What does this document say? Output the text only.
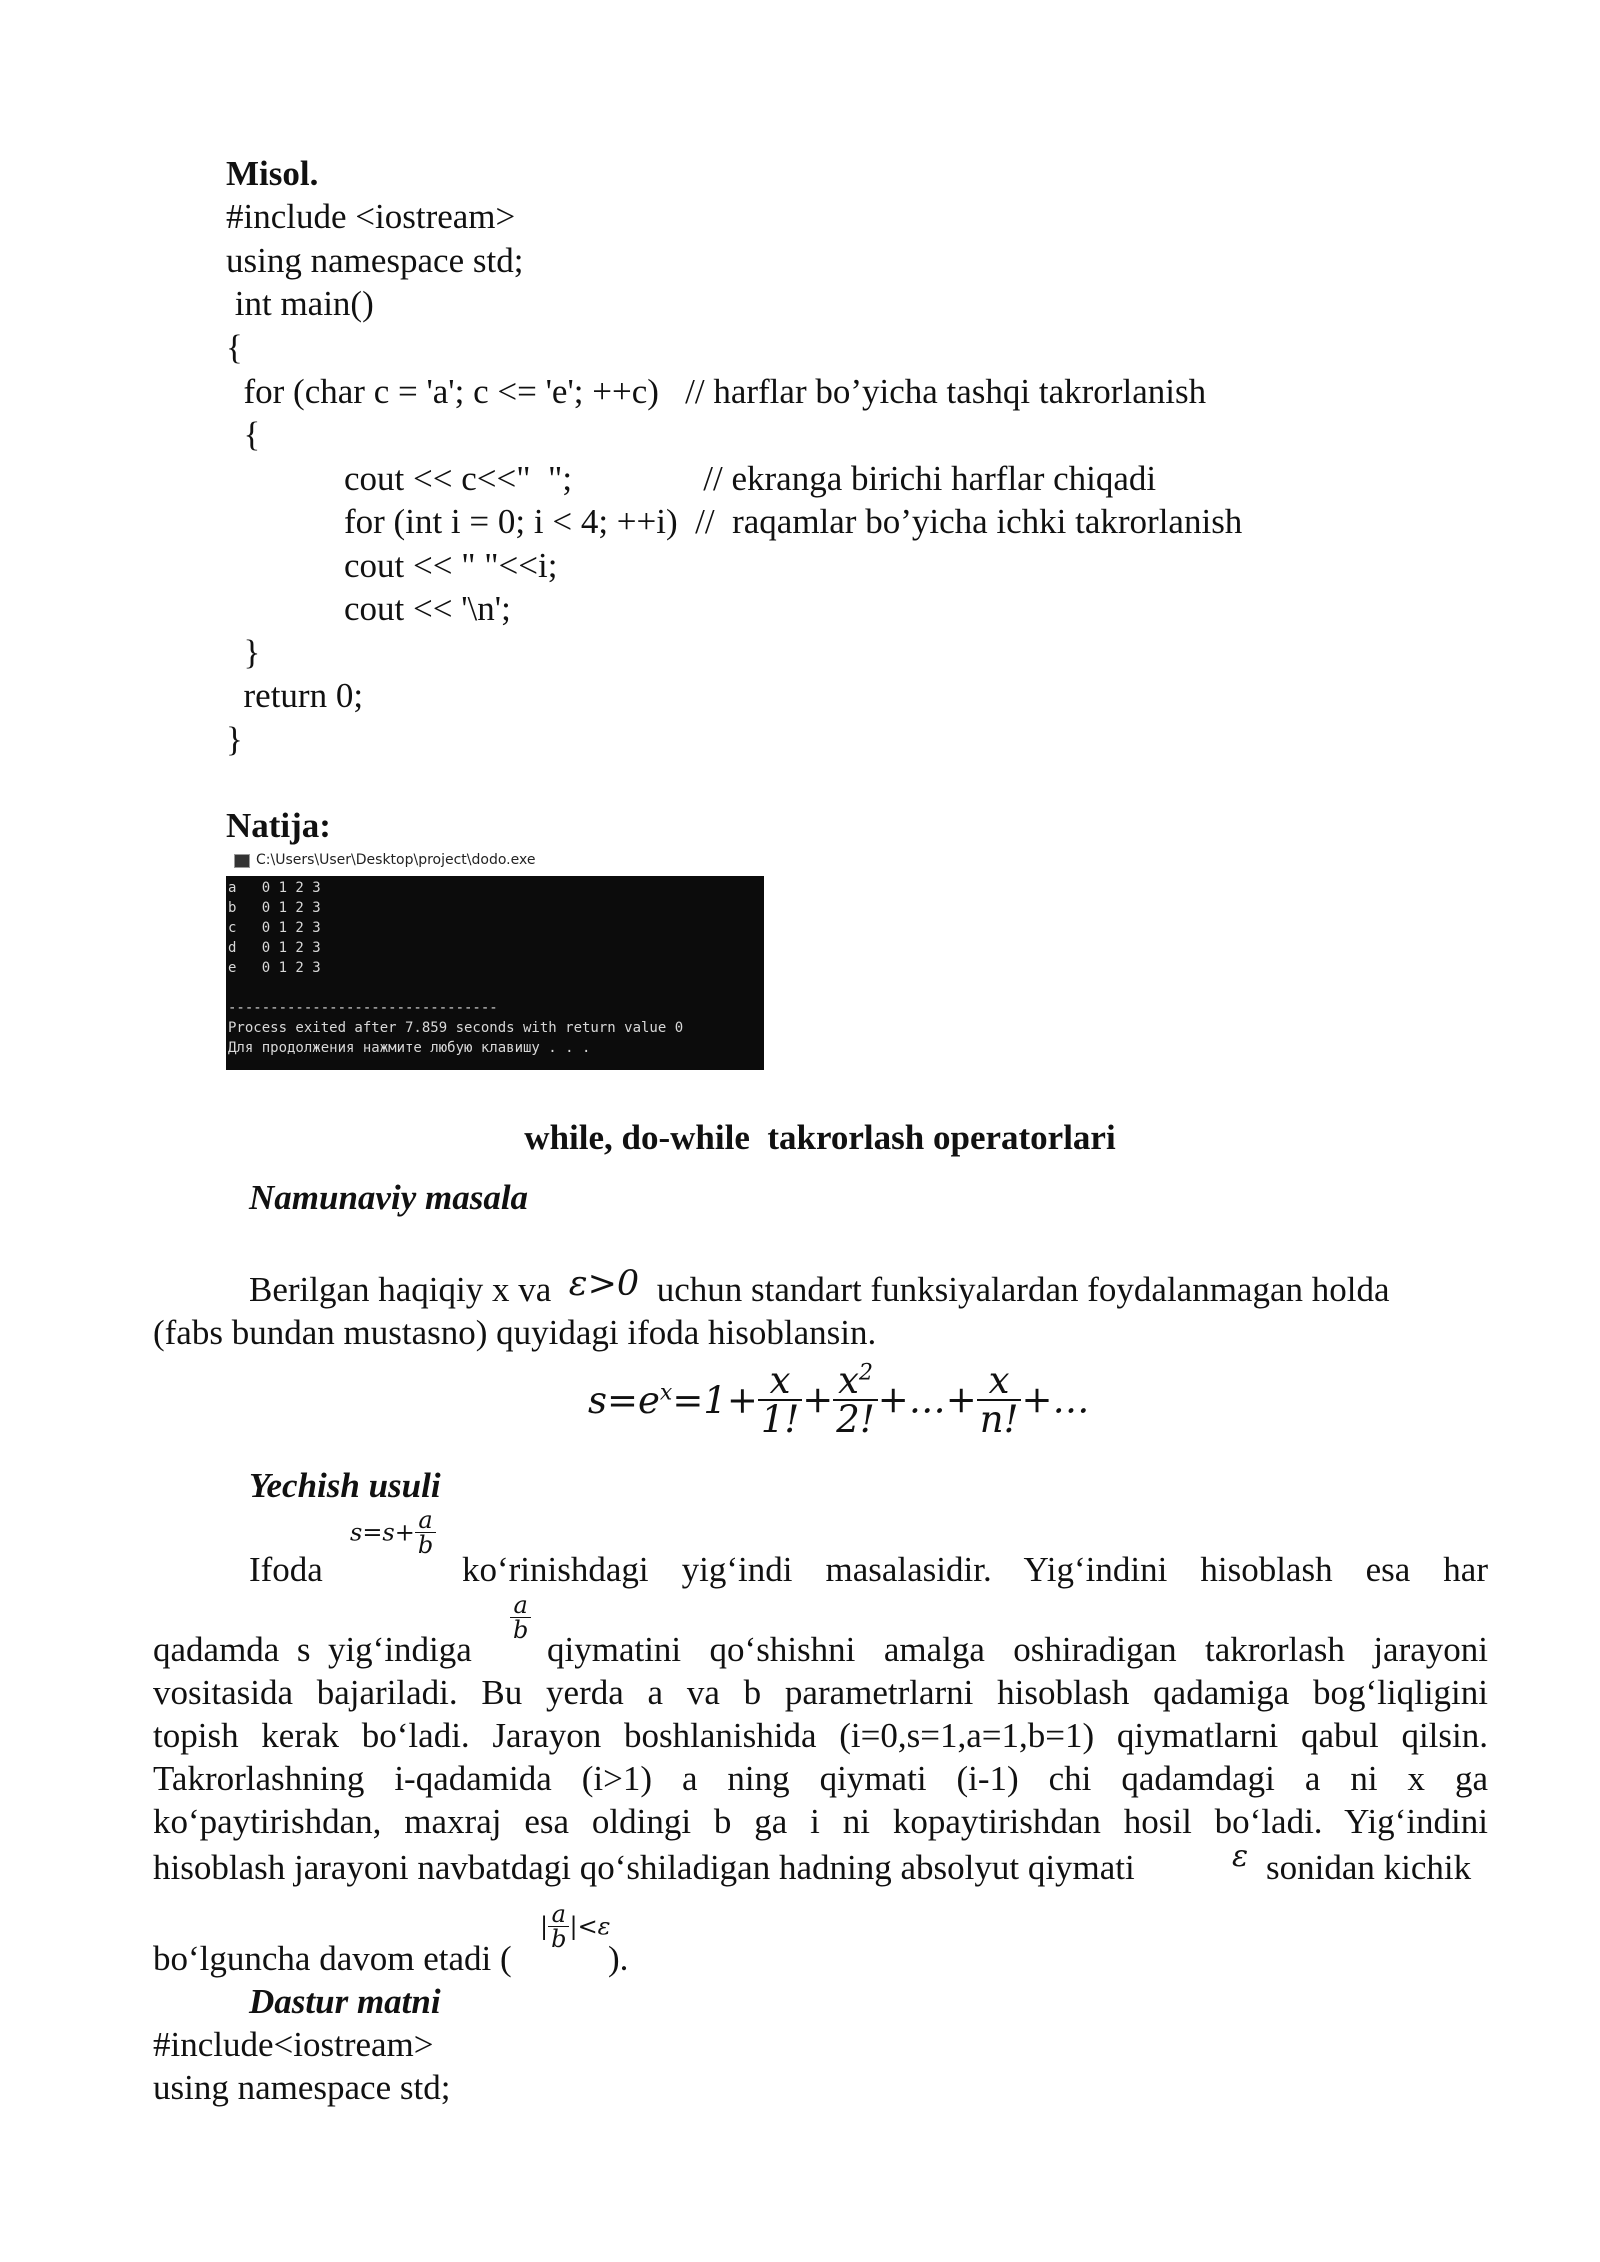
Misol.
#include <iostream>
using namespace std;
int main()
{
for (char c = 'a'; c <= 'e'; ++c)   // harflar bo’yicha tashqi takrorlanish
{
cout << c<<"  ";               // ekranga birichi harflar chiqadi
for (int i = 0; i < 4; ++i)  //  raqamlar bo’yicha ichki takrorlanish
cout << " "<<i;
cout << '\n';
}
return 0;
}
Natija:
C:\Users\User\Desktop\project\dodo.exe
a   0 1 2 3
b   0 1 2 3
c   0 1 2 3
d   0 1 2 3
e   0 1 2 3
--------------------------------
Process exited after 7.859 seconds with return value 0
Для продолжения нажмите любую клавишу . . .
while, do-while  takrorlash operatorlari
Namunaviy masala
Berilgan haqiqiy x va ε>0 uchun standart funksiyalardan foydalanmagan holda
(fabs bundan mustasno) quyidagi ifoda hisoblansin.
$s=e^x=1+ \frac{x}{1!} + \frac{x^2}{2!}$ +…+ $\frac{x}{n!}$ +…
Yechish usuli
Ifoda
$s=s+ \frac{a}{b}$
ko‘rinishdagi  yig‘indi  masalasidir.  Yig‘indini  hisoblash  esa  har
qadamda  s  yig‘indiga
$\frac{a}{b}$
qiymatini  qo‘shishni  amalga  oshiradigan  takrorlash  jarayoni
vositasida bajariladi. Bu yerda a va b parametrlarni hisoblash qadamiga bog‘liqligini
topish kerak bo‘ladi. Jarayon boshlanishida (i=0,s=1,a=1,b=1) qiymatlarni qabul qilsin.
Takrorlashning i-qadamida (i>1) a ning qiymati (i-1) chi qadamdagi a ni x ga
ko‘paytirishdan, maxraj esa oldingi b ga i ni kopaytirishdan hosil bo‘ladi. Yig‘indini
hisoblash jarayoni navbatdagi qo‘shiladigan hadning absolyut qiymati	ε sonidan kichik
bo‘lguncha davom etadi (
| $\frac{a}{b} |<\varepsilon$
).
Dastur matni
#include<iostream>
using namespace std;
